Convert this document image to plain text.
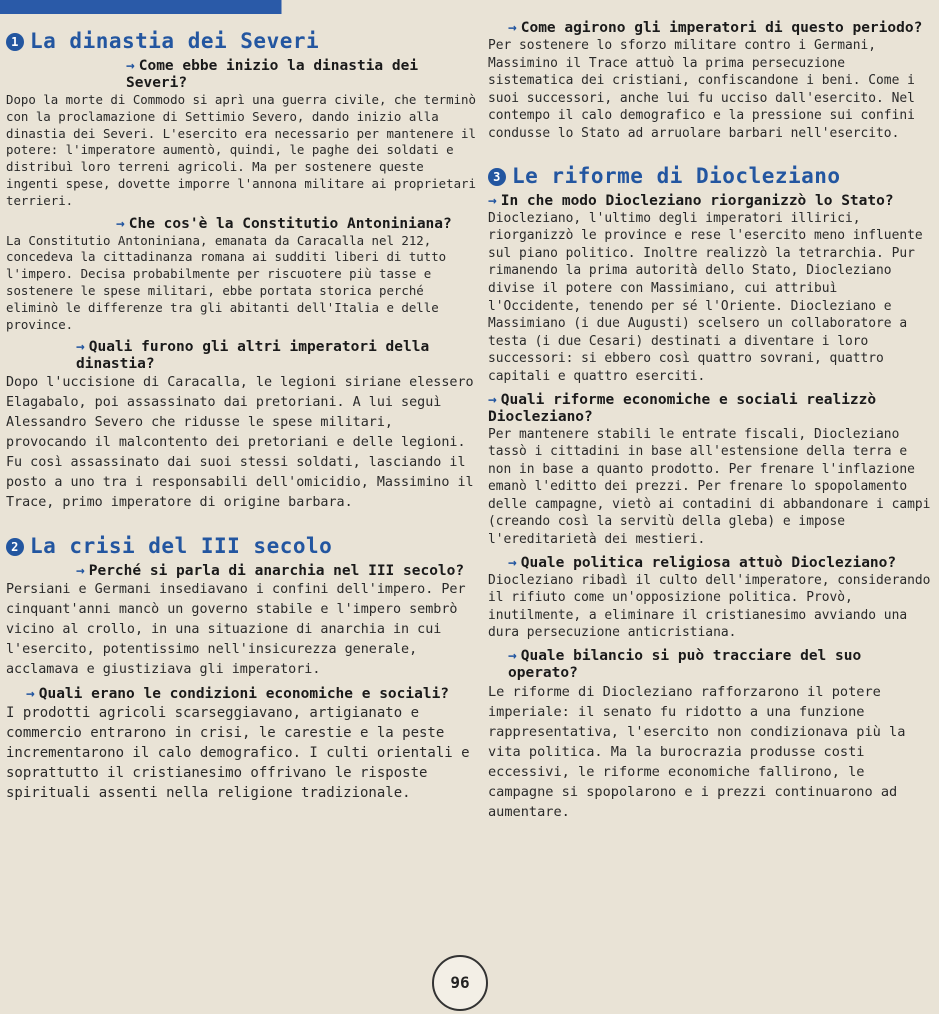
1 La dinastia dei Severi

→ Come ebbe inizio la dinastia dei Severi?

Dopo la morte di Commodo si aprì una guerra civile, che terminò con la proclamazione di Settimio Severo, dando inizio alla dinastia dei Severi. L'esercito era necessario per mantenere il potere: l'imperatore aumentò, quindi, le paghe dei soldati e distribuì loro terreni agricoli. Ma per sostenere queste ingenti spese, dovette imporre l'annona militare ai proprietari terrieri.

→ Che cos'è la Constitutio Antoniniana?

La Constitutio Antoniniana, emanata da Caracalla nel 212, concedeva la cittadinanza romana ai sudditi liberi di tutto l'impero. Decisa probabilmente per riscuotere più tasse e sostenere le spese militari, ebbe portata storica perché eliminò le differenze tra gli abitanti dell'Italia e delle province.

→ Quali furono gli altri imperatori della dinastia?

Dopo l'uccisione di Caracalla, le legioni siriane elessero Elagabalo, poi assassinato dai pretoriani. A lui seguì Alessandro Severo che ridusse le spese militari, provocando il malcontento dei pretoriani e delle legioni. Fu così assassinato dai suoi stessi soldati, lasciando il posto a uno tra i responsabili dell'omicidio, Massimino il Trace, primo imperatore di origine barbara.

2 La crisi del III secolo

→ Perché si parla di anarchia nel III secolo?

Persiani e Germani insediavano i confini dell'impero. Per cinquant'anni mancò un governo stabile e l'impero sembrò vicino al crollo, in una situazione di anarchia in cui l'esercito, potentissimo nell'insicurezza generale, acclamava e giustiziava gli imperatori.

→ Quali erano le condizioni economiche e sociali?

I prodotti agricoli scarseggiavano, artigianato e commercio entrarono in crisi, le carestie e la peste incrementarono il calo demografico. I culti orientali e soprattutto il cristianesimo offrivano le risposte spirituali assenti nella religione tradizionale.

→ Come agirono gli imperatori di questo periodo?

Per sostenere lo sforzo militare contro i Germani, Massimino il Trace attuò la prima persecuzione sistematica dei cristiani, confiscandone i beni. Come i suoi successori, anche lui fu ucciso dall'esercito. Nel contempo il calo demografico e la pressione sui confini condusse lo Stato ad arruolare barbari nell'esercito.

3 Le riforme di Diocleziano

→ In che modo Diocleziano riorganizzò lo Stato?

Diocleziano, l'ultimo degli imperatori illirici, riorganizzò le province e rese l'esercito meno influente sul piano politico. Inoltre realizzò la tetrarchia. Pur rimanendo la prima autorità dello Stato, Diocleziano divise il potere con Massimiano, cui attribuì l'Occidente, tenendo per sé l'Oriente. Diocleziano e Massimiano (i due Augusti) scelsero un collaboratore a testa (i due Cesari) destinati a diventare i loro successori: si ebbero così quattro sovrani, quattro capitali e quattro eserciti.

→ Quali riforme economiche e sociali realizzò Diocleziano?

Per mantenere stabili le entrate fiscali, Diocleziano tassò i cittadini in base all'estensione della terra e non in base a quanto prodotto. Per frenare l'inflazione emanò l'editto dei prezzi. Per frenare lo spopolamento delle campagne, vietò ai contadini di abbandonare i campi (creando così la servitù della gleba) e impose l'ereditarietà dei mestieri.

→ Quale politica religiosa attuò Diocleziano?

Diocleziano ribadì il culto dell'imperatore, considerando il rifiuto come un'opposizione politica. Provò, inutilmente, a eliminare il cristianesimo avviando una dura persecuzione anticristiana.

→ Quale bilancio si può tracciare del suo operato?

Le riforme di Diocleziano rafforzarono il potere imperiale: il senato fu ridotto a una funzione rappresentativa, l'esercito non condizionava più la vita politica. Ma la burocrazia produsse costi eccessivi, le riforme economiche fallirono, le campagne si spopolarono e i prezzi continuarono ad aumentare.

96
